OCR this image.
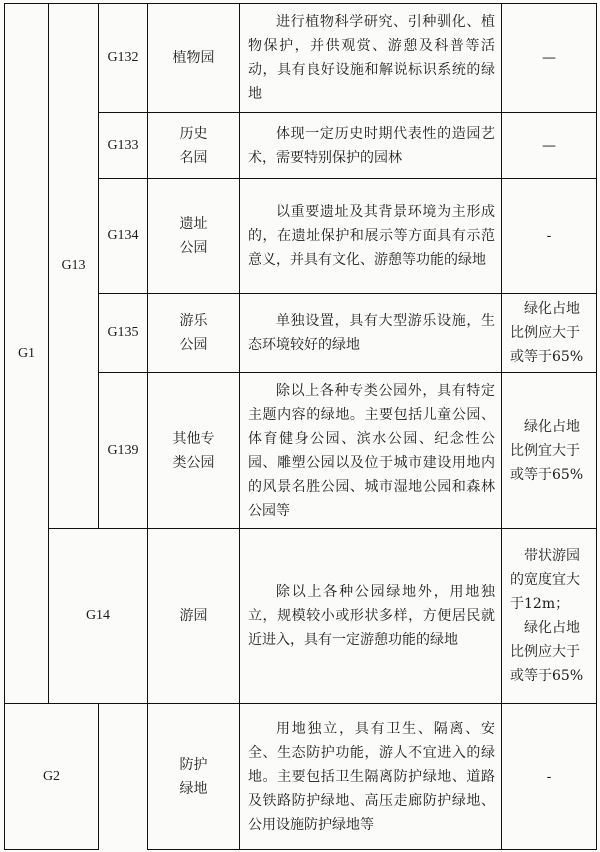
G1	G13	G132	植物园	进行植物科学研究、引种驯化、植物保护，并供观赏、游憩及科普等活动，具有良好设施和解说标识系统的绿地	—
		G133	历史
名园	体现一定历史时期代表性的造园艺术，需要特别保护的园林	—
		G134	遗址
公园	以重要遗址及其背景环境为主形成的，在遗址保护和展示等方面具有示范意义，并具有文化、游憩等功能的绿地	-
		G135	游乐
公园	单独设置，具有大型游乐设施，生态环境较好的绿地	绿化占地比例应大于或等于65%

		G139	其他专
类公园	除以上各种专类公园外，具有特定主题内容的绿地。主要包括儿童公园、体育健身公园、滨水公园、纪念性公园、雕塑公园以及位于城市建设用地内的风景名胜公园、城市湿地公园和森林公园等	绿化占地比例宜大于或等于65%

	G14		游园	除以上各种公园绿地外，用地独立，规模较小或形状多样，方便居民就近进入，具有一定游憩功能的绿地	带状游园的宽度宜大于12m；
绿化占地比例应大于或等于65%

G2			防护
绿地	用地独立，具有卫生、隔离、安全、生态防护功能，游人不宜进入的绿地。主要包括卫生隔离防护绿地、道路及铁路防护绿地、高压走廊防护绿地、公用设施防护绿地等	-
